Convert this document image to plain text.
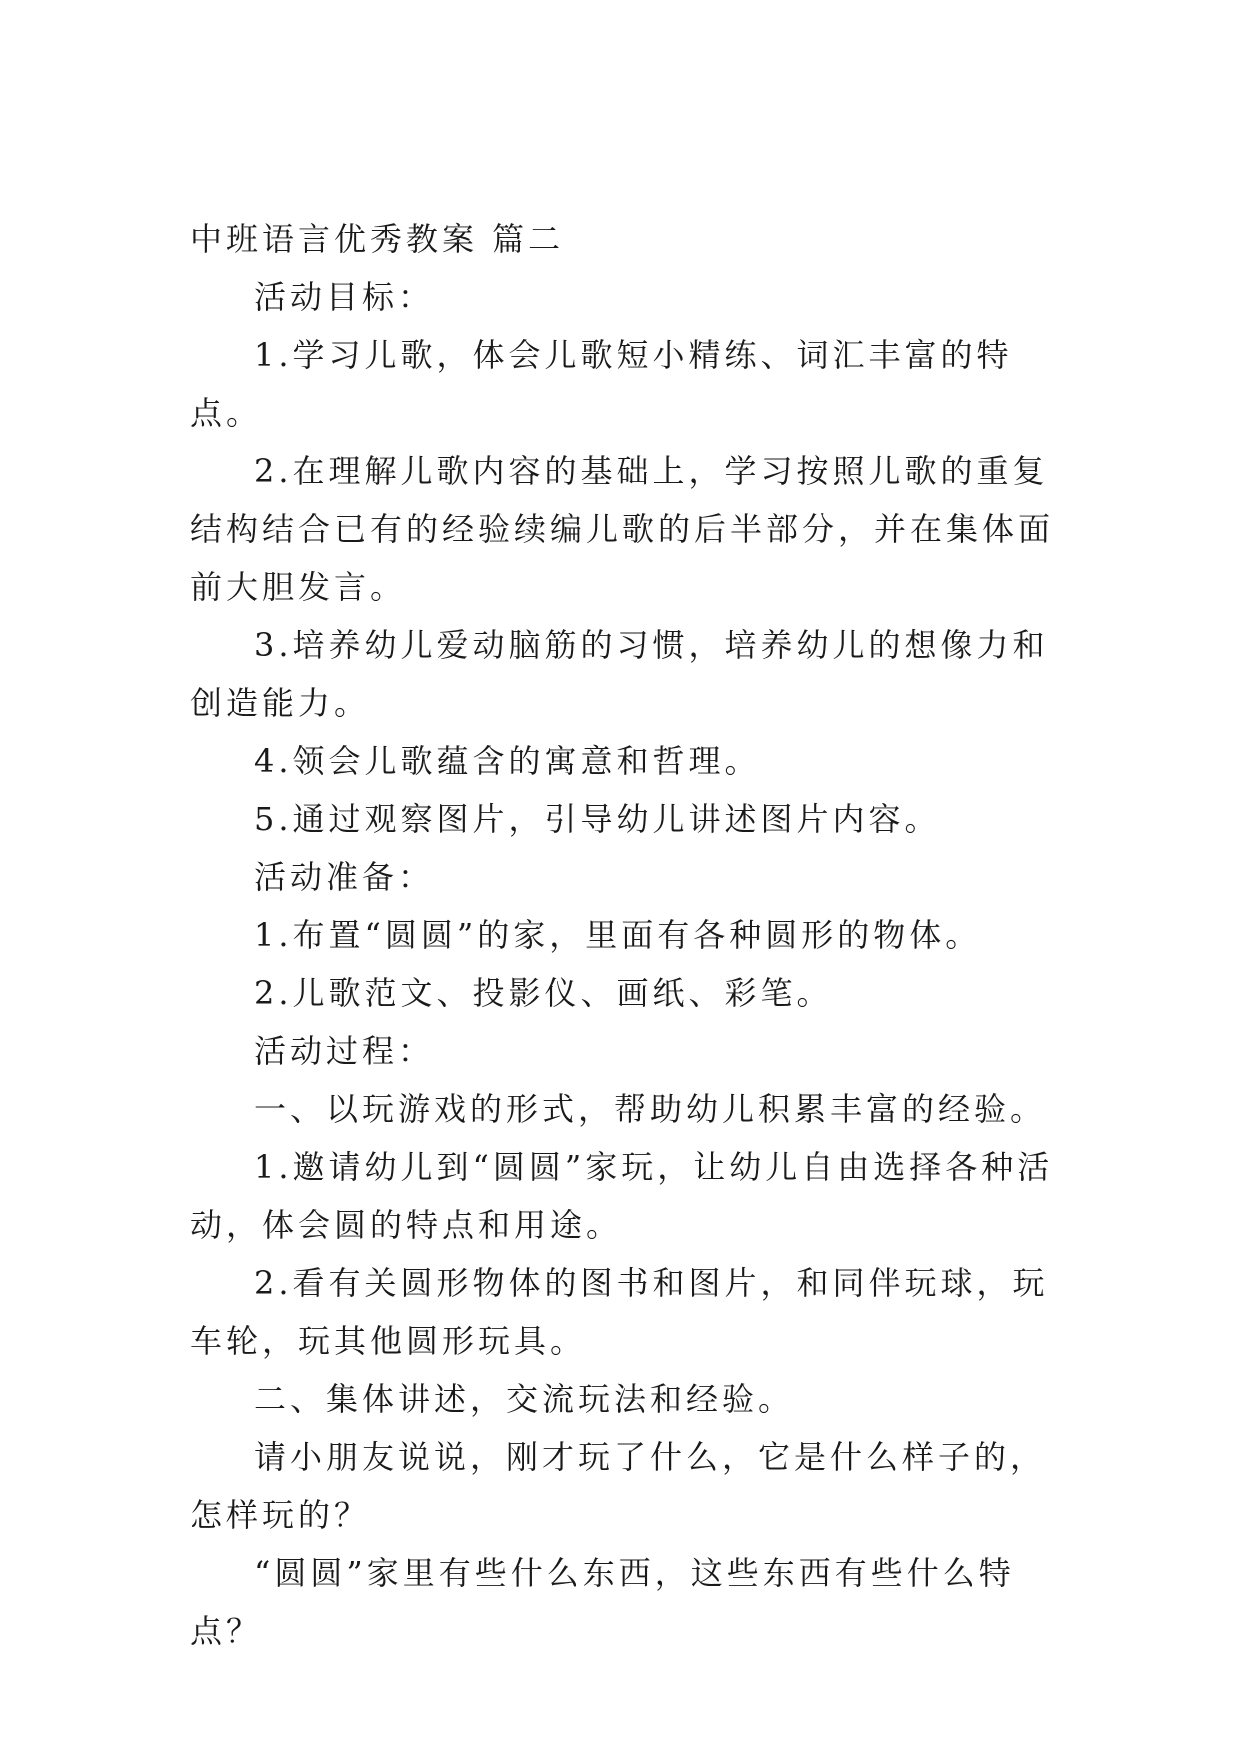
中班语言优秀教案 篇二

活动目标：

1.学习儿歌，体会儿歌短小精练、词汇丰富的特点。

2.在理解儿歌内容的基础上，学习按照儿歌的重复结构结合已有的经验续编儿歌的后半部分，并在集体面前大胆发言。

3.培养幼儿爱动脑筋的习惯，培养幼儿的想像力和创造能力。

4.领会儿歌蕴含的寓意和哲理。

5.通过观察图片，引导幼儿讲述图片内容。

活动准备：

1.布置“圆圆”的家，里面有各种圆形的物体。

2.儿歌范文、投影仪、画纸、彩笔。

活动过程：

一、以玩游戏的形式，帮助幼儿积累丰富的经验。

1.邀请幼儿到“圆圆”家玩，让幼儿自由选择各种活动，体会圆的特点和用途。

2.看有关圆形物体的图书和图片，和同伴玩球，玩车轮，玩其他圆形玩具。

二、集体讲述，交流玩法和经验。

请小朋友说说，刚才玩了什么，它是什么样子的，怎样玩的？

“圆圆”家里有些什么东西，这些东西有些什么特点？
